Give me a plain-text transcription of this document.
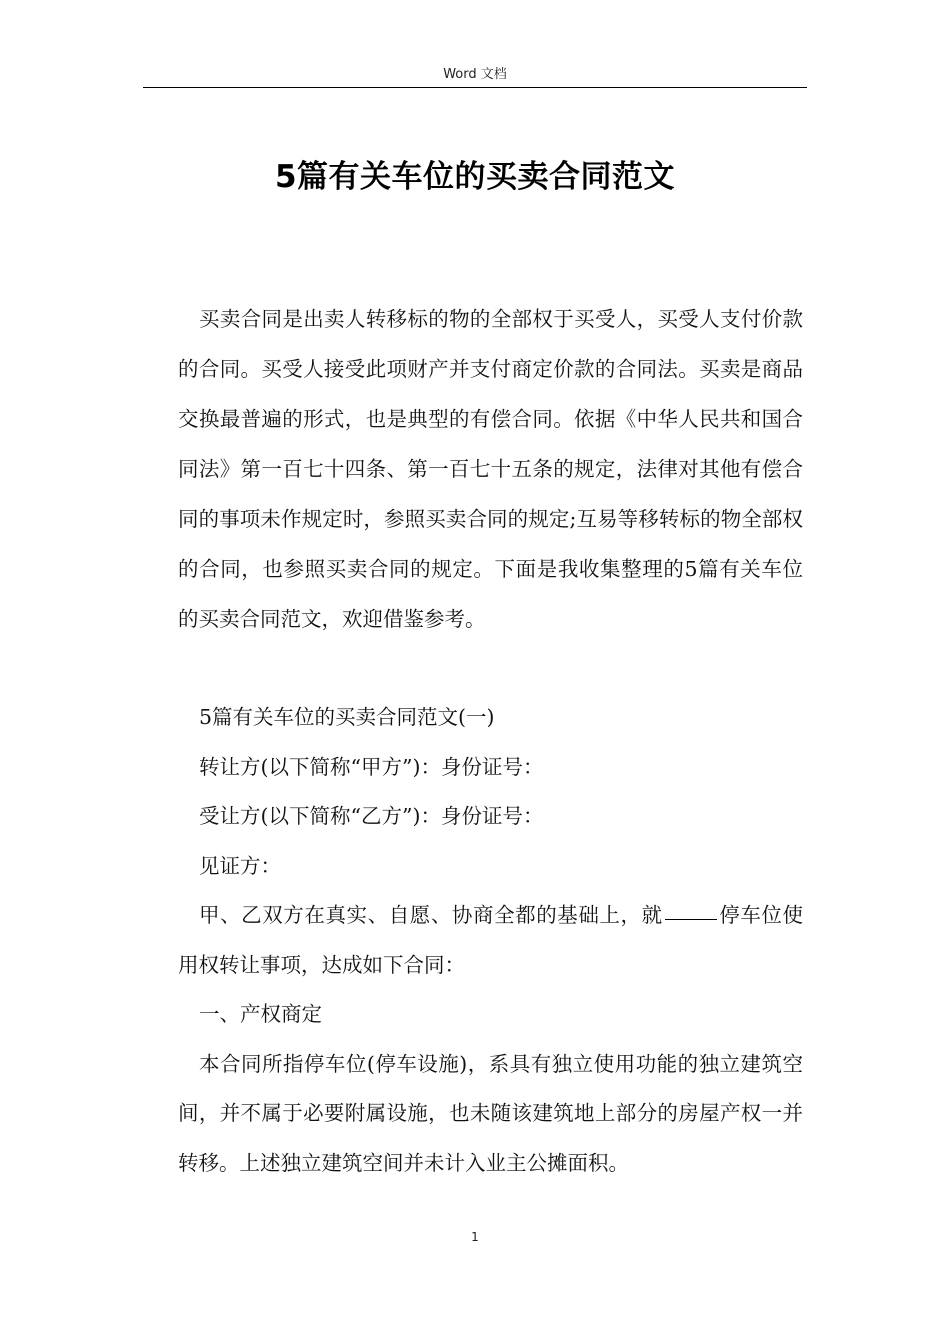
Word 文档
5篇有关车位的买卖合同范文

买卖合同是出卖人转移标的物的全部权于买受人，买受人支付价款的合同。买受人接受此项财产并支付商定价款的合同法。买卖是商品交换最普遍的形式，也是典型的有偿合同。依据《中华人民共和国合同法》第一百七十四条、第一百七十五条的规定，法律对其他有偿合同的事项未作规定时，参照买卖合同的规定;互易等移转标的物全部权的合同，也参照买卖合同的规定。下面是我收集整理的5篇有关车位的买卖合同范文，欢迎借鉴参考。

5篇有关车位的买卖合同范文(一)

转让方(以下简称“甲方”)：身份证号：

受让方(以下简称“乙方”)：身份证号：

见证方：

甲、乙双方在真实、自愿、协商全都的基础上，就	停车位使用权转让事项，达成如下合同：

一、产权商定

本合同所指停车位(停车设施)，系具有独立使用功能的独立建筑空间，并不属于必要附属设施，也未随该建筑地上部分的房屋产权一并转移。上述独立建筑空间并未计入业主公摊面积。

1
